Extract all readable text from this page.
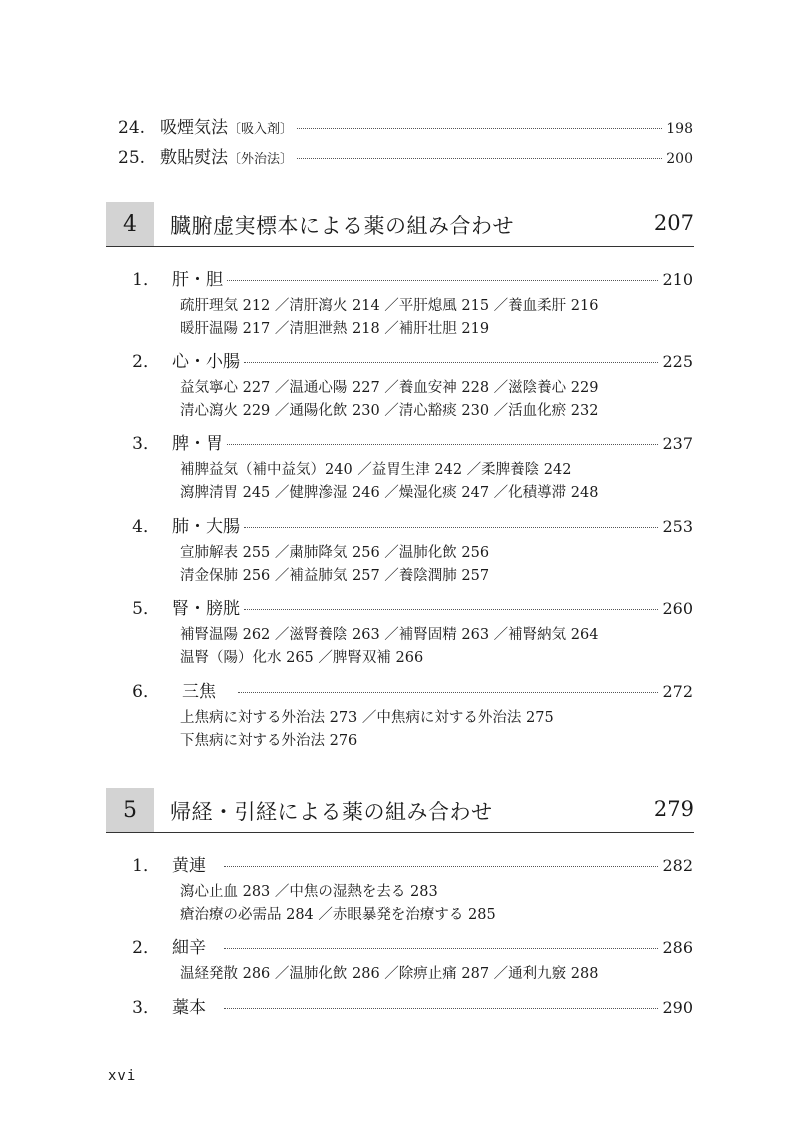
24. 吸煙気法 〔吸入剤〕	198
25. 敷貼熨法 〔外治法〕	200
4	臓腑虚実標本による薬の組み合わせ	207
1． 肝・胆	210
疏肝理気 212 ／清肝瀉火 214 ／平肝熄風 215 ／養血柔肝 216
暖肝温陽 217 ／清胆泄熱 218 ／補肝壮胆 219
2． 心・小腸	225
益気寧心 227 ／温通心陽 227 ／養血安神 228 ／滋陰養心 229
清心瀉火 229 ／通陽化飲 230 ／清心豁痰 230 ／活血化瘀 232
3． 脾・胃	237
補脾益気（補中益気）240 ／益胃生津 242 ／柔脾養陰 242
瀉脾清胃 245 ／健脾滲湿 246 ／燥湿化痰 247 ／化積導滞 248
4． 肺・大腸	253
宣肺解表 255 ／粛肺降気 256 ／温肺化飲 256
清金保肺 256 ／補益肺気 257 ／養陰潤肺 257
5． 腎・膀胱	260
補腎温陽 262 ／滋腎養陰 263 ／補腎固精 263 ／補腎納気 264
温腎（陽）化水 265 ／脾腎双補 266
6．	三焦	272
上焦病に対する外治法 273 ／中焦病に対する外治法 275
下焦病に対する外治法 276
5	帰経・引経による薬の組み合わせ	279
1． 黄連	282
瀉心止血 283 ／中焦の湿熱を去る 283
瘡治療の必需品 284 ／赤眼暴発を治療する 285
2． 細辛	286
温経発散 286 ／温肺化飲 286 ／除痹止痛 287 ／通利九竅 288
3． 藁本	290
xvi
